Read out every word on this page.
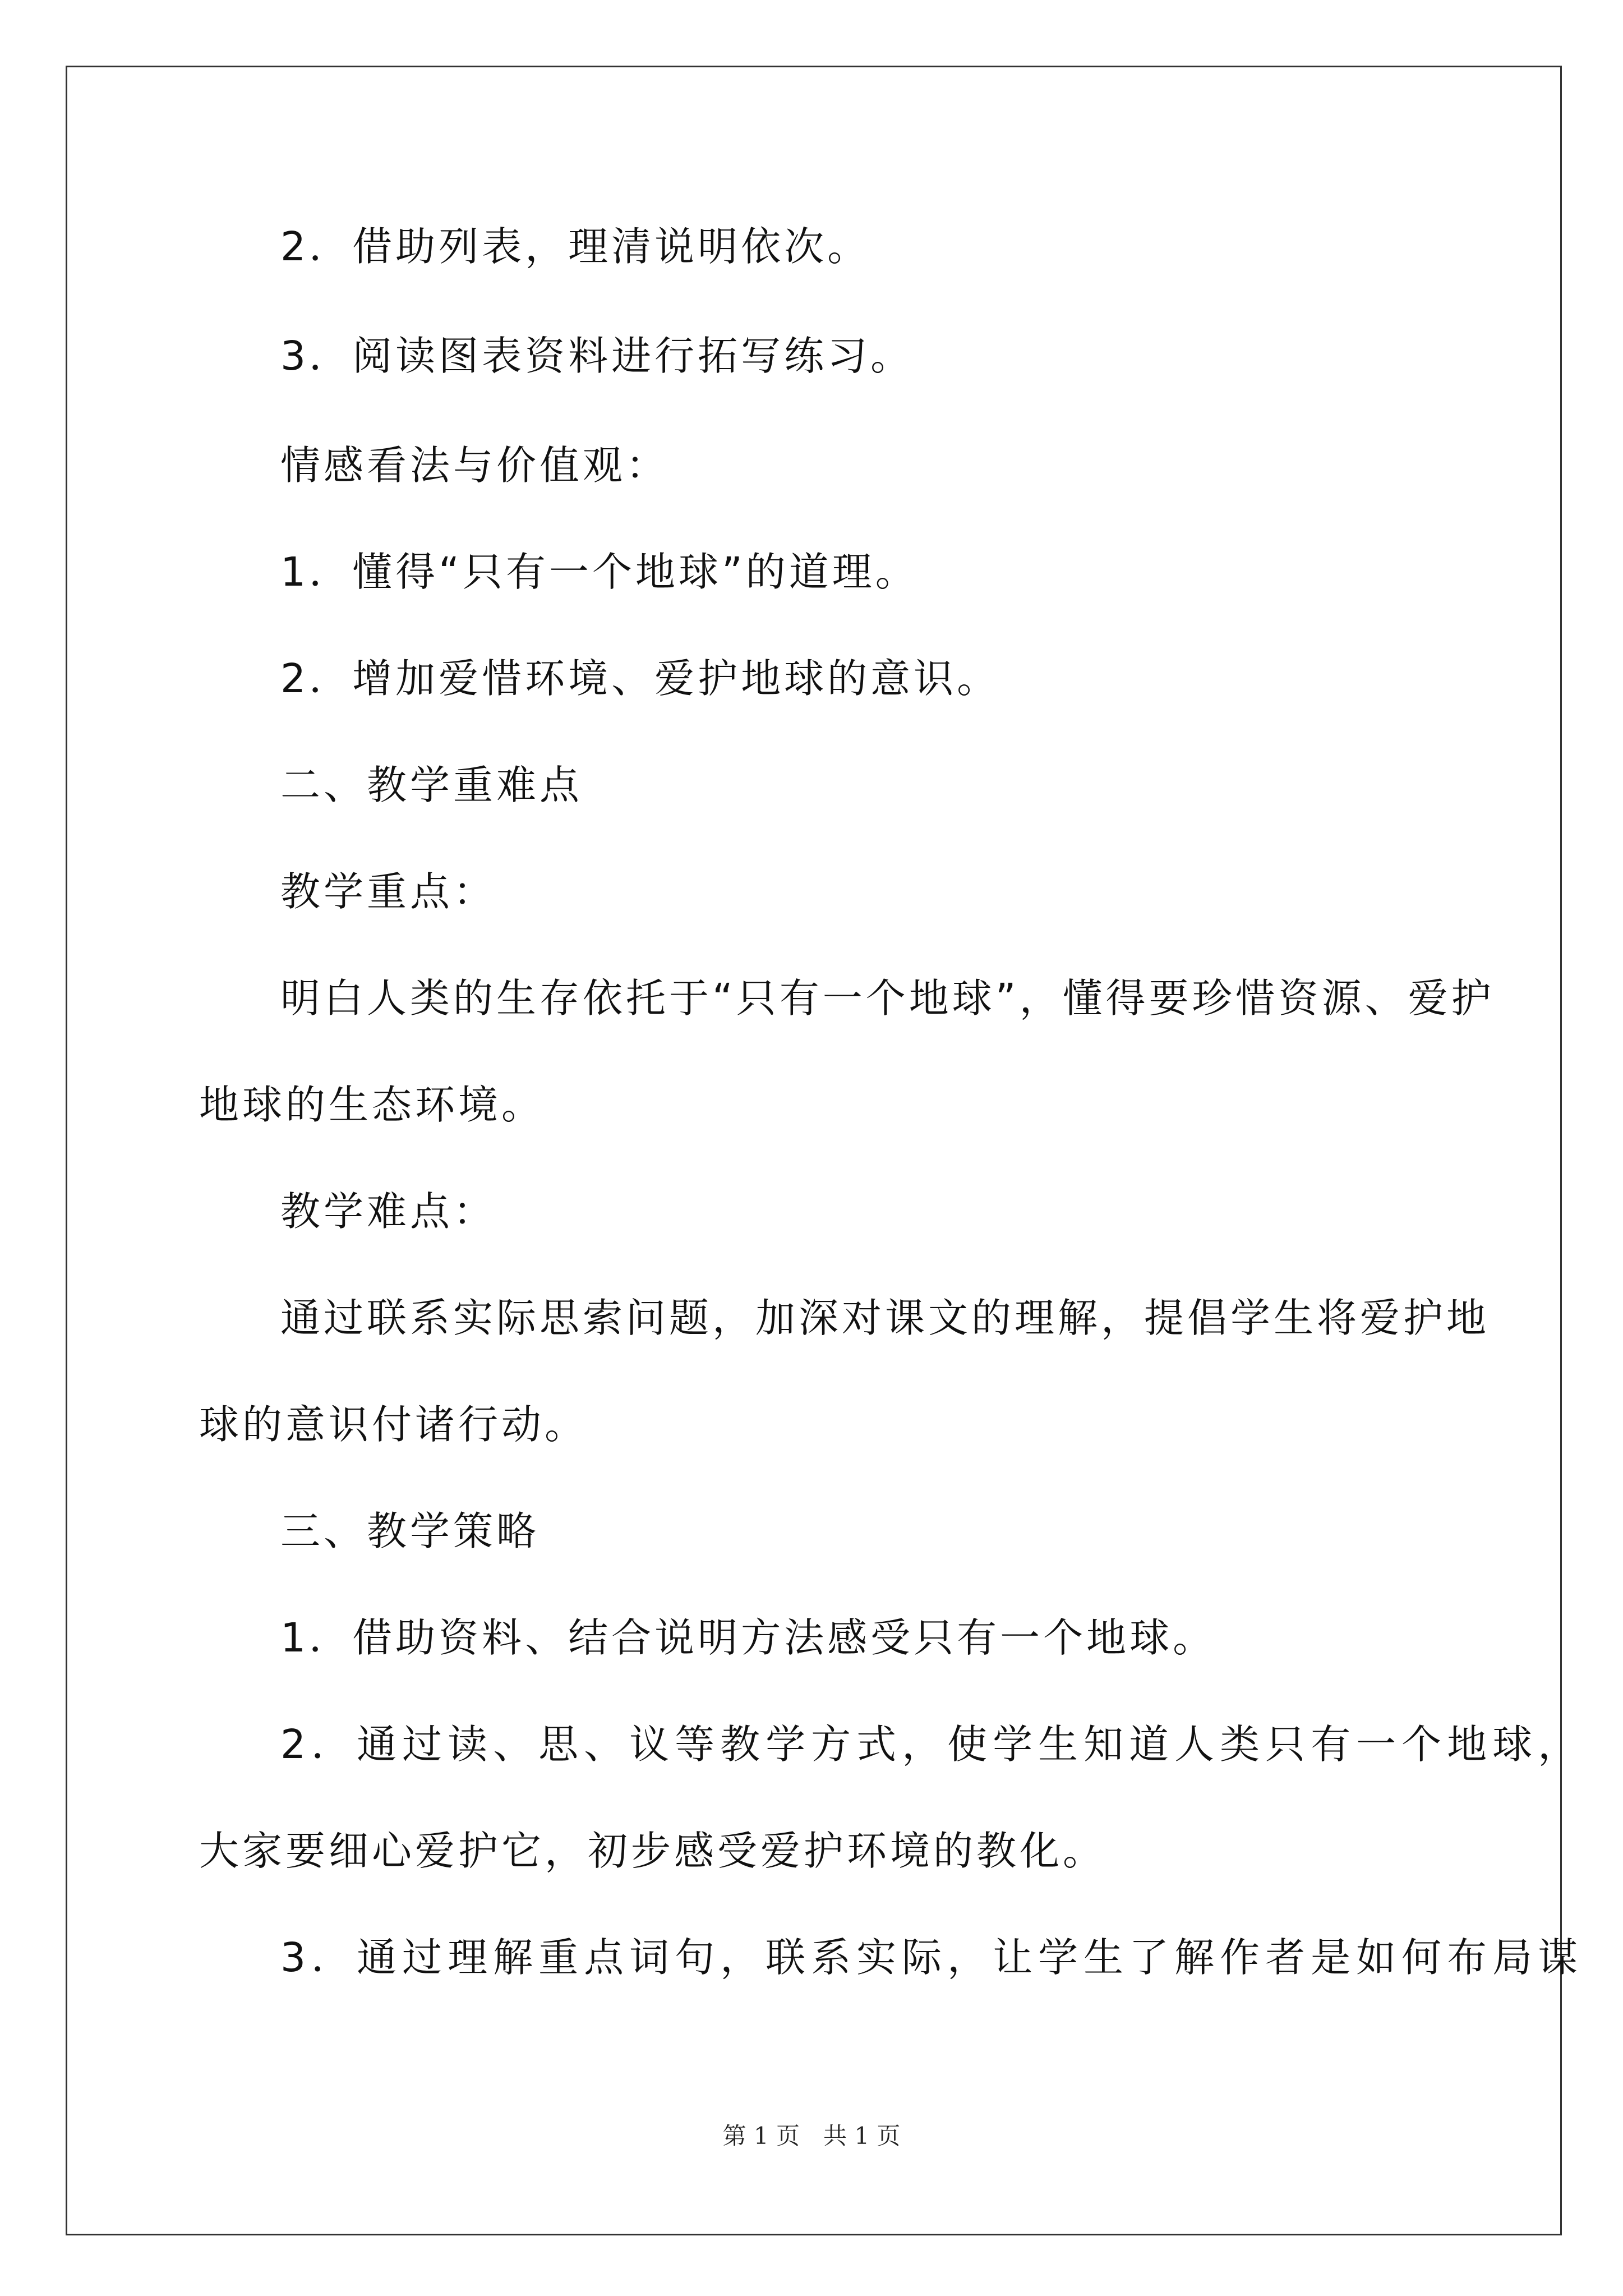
2．借助列表，理清说明依次。
3．阅读图表资料进行拓写练习。
情感看法与价值观：
1．懂得“只有一个地球”的道理。
2．增加爱惜环境、爱护地球的意识。
二、教学重难点
教学重点：
明白人类的生存依托于“只有一个地球”，懂得要珍惜资源、爱护
地球的生态环境。
教学难点：
通过联系实际思索问题，加深对课文的理解，提倡学生将爱护地
球的意识付诸行动。
三、教学策略
1．借助资料、结合说明方法感受只有一个地球。
2．通过读、思、议等教学方式，使学生知道人类只有一个地球，
大家要细心爱护它，初步感受爱护环境的教化。
3．通过理解重点词句，联系实际，让学生了解作者是如何布局谋
第 1 页　共 1 页
